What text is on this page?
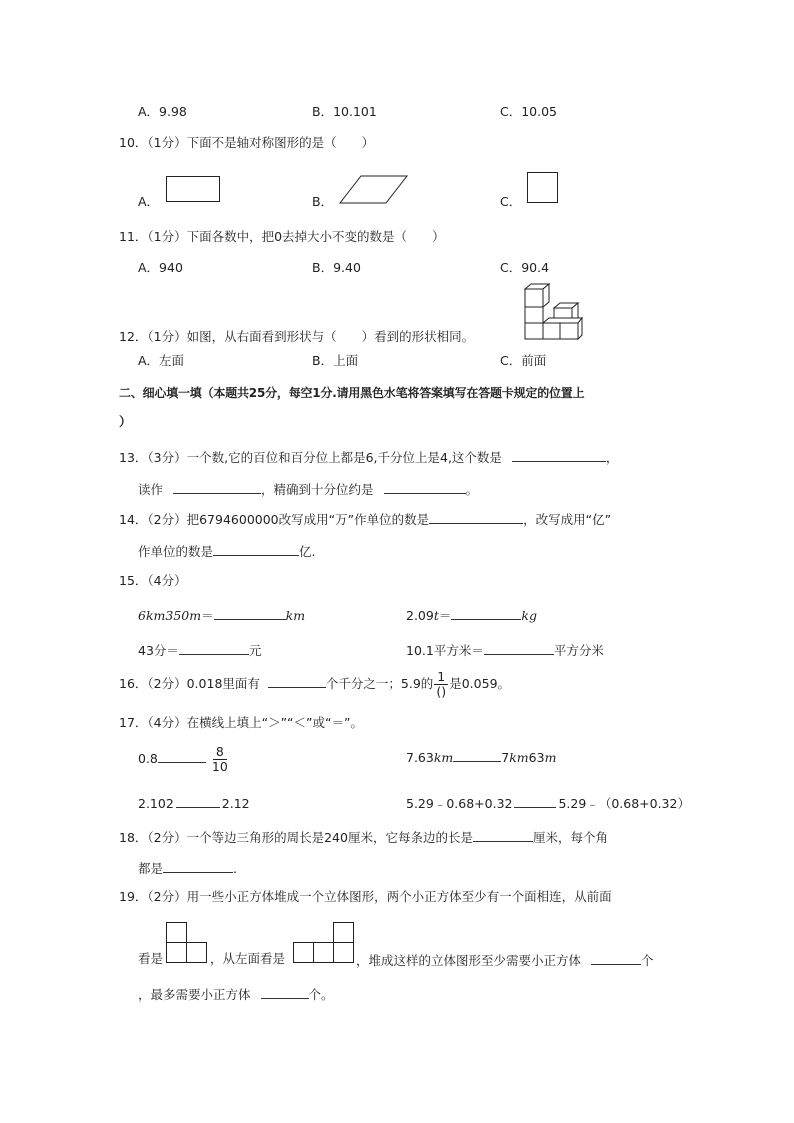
A．9.98	B．10.101	C．10.05
10．（1分）下面不是轴对称图形的是（　　）
A．	B．	C．
11．（1分）下面各数中，把0去掉大小不变的数是（　　）
A．940	B．9.40	C．90.4
12．（1分）如图，从右面看到形状与（　　）看到的形状相同。
A．左面	B．上面	C．前面
二、细心填一填（本题共25分，每空1分.请用黑色水笔将答案填写在答题卡规定的位置上
）
13．（3分）一个数,它的百位和百分位上都是6,千分位上是4,这个数是	，
读作	，精确到十分位约是	。
14．（2分）把6794600000改写成用“万”作单位的数是	，改写成用“亿”
作单位的数是	亿.
15．（4分）
6km350m＝	km	2.09t＝	kg
43分＝	元	10.1平方米＝	平方分米
16．（2分）0.018里面有	个千分之一；5.9的 $\frac{1}{()}$ 是0.059。
17．（4分）在横线上填上“＞”“＜”或“＝”。
0.8	$\frac{8}{10}$	7.63km	7km63m
2.102	2.12	5.29﹣0.68+0.32	5.29﹣（0.68+0.32）
18．（2分）一个等边三角形的周长是240厘米，它每条边的长是	厘米，每个角
都是	.
19．（2分）用一些小正方体堆成一个立体图形，两个小正方体至少有一个面相连，从前面
看是	，从左面看是	，堆成这样的立体图形至少需要小正方体	个
，最多需要小正方体	个。
